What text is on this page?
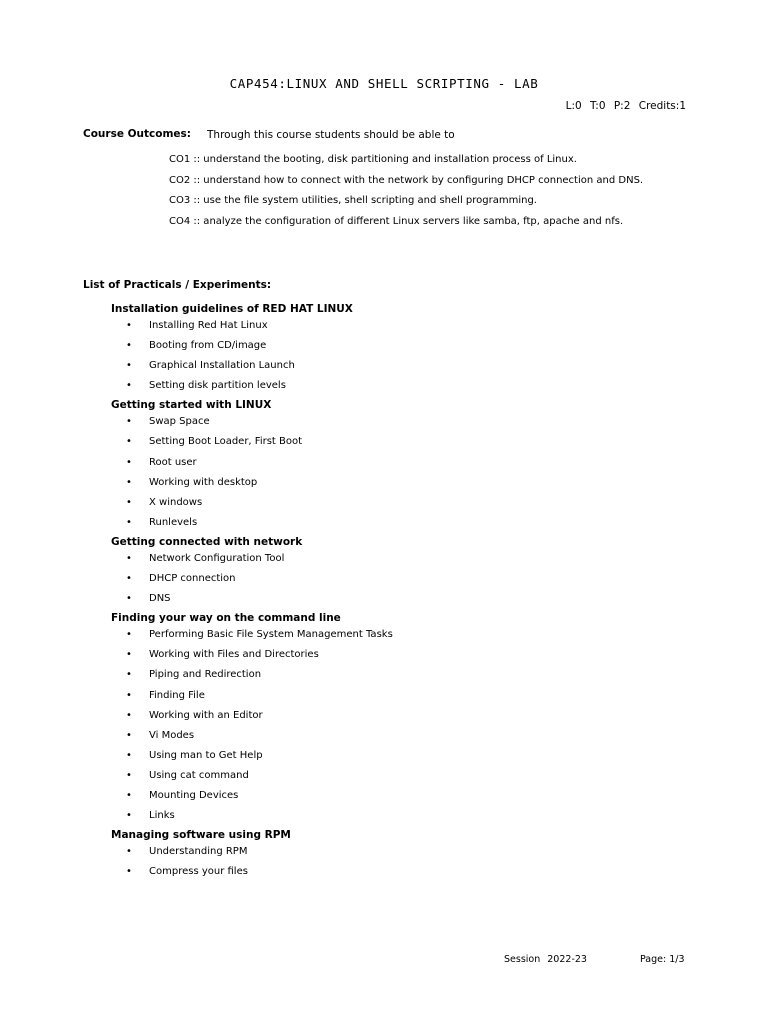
CAP454:LINUX AND SHELL SCRIPTING - LAB
L:0 T:0 P:2 Credits:1
Course Outcomes: Through this course students should be able to
CO1 :: understand the booting, disk partitioning and installation process of Linux.
CO2 :: understand how to connect with the network by configuring DHCP connection and DNS.
CO3 :: use the file system utilities, shell scripting and shell programming.
CO4 :: analyze the configuration of different Linux servers like samba, ftp, apache and nfs.
List of Practicals / Experiments:
Installation guidelines of RED HAT LINUX
• Installing Red Hat Linux
• Booting from CD/image
• Graphical Installation Launch
• Setting disk partition levels
Getting started with LINUX
• Swap Space
• Setting Boot Loader, First Boot
• Root user
• Working with desktop
• X windows
• Runlevels
Getting connected with network
• Network Configuration Tool
• DHCP connection
• DNS
Finding your way on the command line
• Performing Basic File System Management Tasks
• Working with Files and Directories
• Piping and Redirection
• Finding File
• Working with an Editor
• Vi Modes
• Using man to Get Help
• Using cat command
• Mounting Devices
• Links
Managing software using RPM
• Understanding RPM
• Compress your files
Session 2022-23	Page: 1/3
